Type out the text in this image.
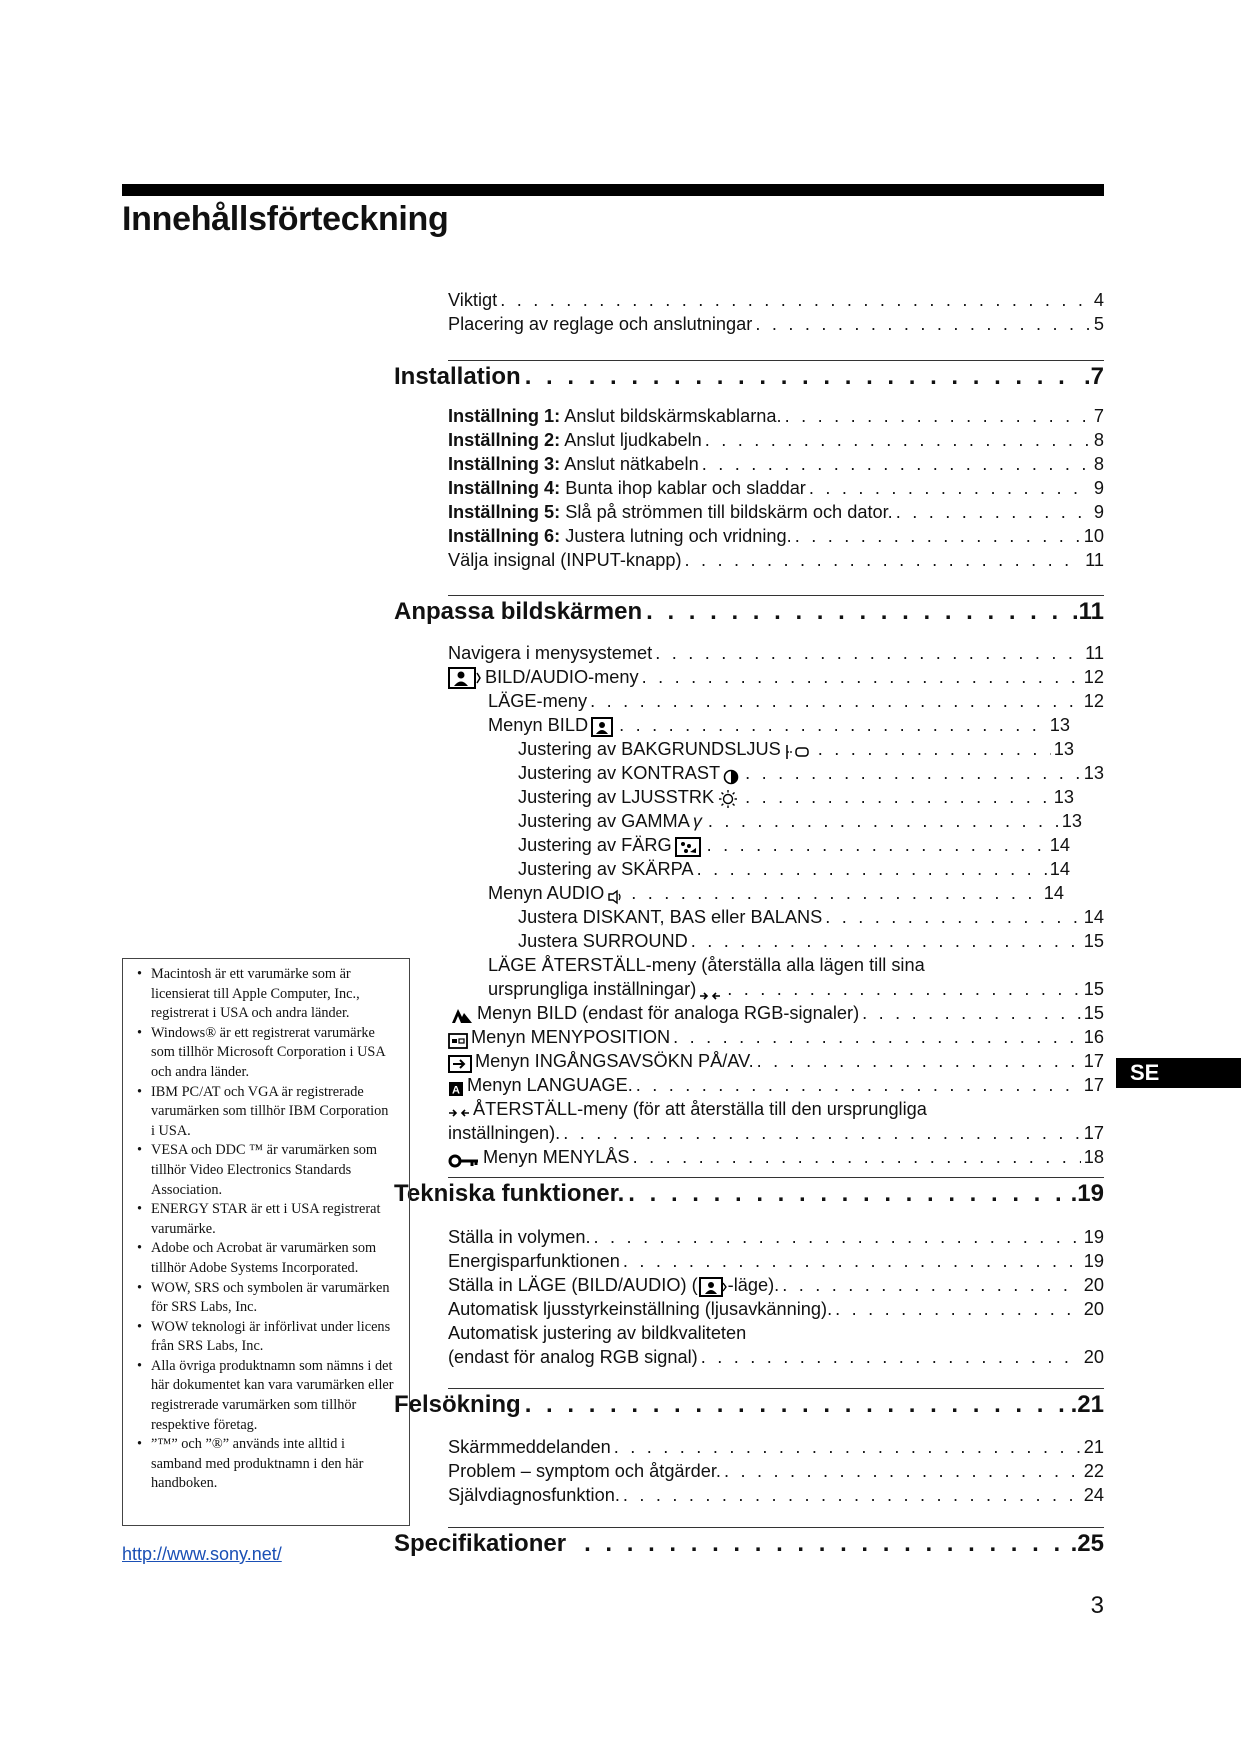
Innehållsförteckning
Viktigt . . .	4
Placering av reglage och anslutningar . . .	5
Installation . . .	.7
Inställning 1: Anslut bildskärmskablarna. . . .	7
Inställning 2: Anslut ljudkabeln . . .	8
Inställning 3: Anslut nätkabeln . . .	8
Inställning 4: Bunta ihop kablar och sladdar . . .	9
Inställning 5: Slå på strömmen till bildskärm och dator. . . .	9
Inställning 6: Justera lutning och vridning. . . .	10
Välja insignal (INPUT-knapp) . . .	11
Anpassa bildskärmen . . .	.11
Navigera i menysystemet . . .	11
BILD/AUDIO-meny . . .	12
LÄGE-meny . . .	12
Menyn BILD . . .	13
Justering av BAKGRUNDSLJUS . . .	13
Justering av KONTRAST . . .	13
Justering av LJUSSTRK . . .	13
Justering av GAMMA γ . . .	13
Justering av FÄRG . . .	14
Justering av SKÄRPA . . .	14
Menyn AUDIO . . .	14
Justera DISKANT, BAS eller BALANS . . .	14
Justera SURROUND . . .	15
LÄGE ÅTERSTÄLL-meny (återställa alla lägen till sina
ursprungliga inställningar) . . .	15
Menyn BILD (endast för analoga RGB-signaler) . . .	15
Menyn MENYPOSITION . . .	16
Menyn INGÅNGSAVSÖKN PÅ/AV. . . .	17
A Menyn LANGUAGE. . . .	17
ÅTERSTÄLL-meny (för att återställa till den ursprungliga
inställningen). . . .	17
Menyn MENYLÅS . . .	18
Tekniska funktioner. . . .	.19
Ställa in volymen. . . .	19
Energisparfunktionen . . .	19
Ställa in LÄGE (BILD/AUDIO) ( -läge). . . .	20
Automatisk ljusstyrkeinställning (ljusavkänning). . . .	20
Automatisk justering av bildkvaliteten
(endast för analog RGB signal) . . .	20
Felsökning . . .	.21
Skärmmeddelanden . . .	21
Problem – symptom och åtgärder. . . .	22
Självdiagnosfunktion. . . .	24
Specifikationer . . .	.25
• Macintosh är ett varumärke som är licensierat till Apple Computer, Inc., registrerat i USA och andra länder.
• Windows® är ett registrerat varumärke som tillhör Microsoft Corporation i USA och andra länder.
• IBM PC/AT och VGA är registrerade varumärken som tillhör IBM Corporation i USA.
• VESA och DDC ™ är varumärken som tillhör Video Electronics Standards Association.
• ENERGY STAR är ett i USA registrerat varumärke.
• Adobe och Acrobat är varumärken som tillhör Adobe Systems Incorporated.
• WOW, SRS och symbolen är varumärken för SRS Labs, Inc.
• WOW teknologi är införlivat under licens från SRS Labs, Inc.
• Alla övriga produktnamn som nämns i det här dokumentet kan vara varumärken eller registrerade varumärken som tillhör respektive företag.
• ”™” och ”®” används inte alltid i samband med produktnamn i den här handboken.
http://www.sony.net/
SE
3
